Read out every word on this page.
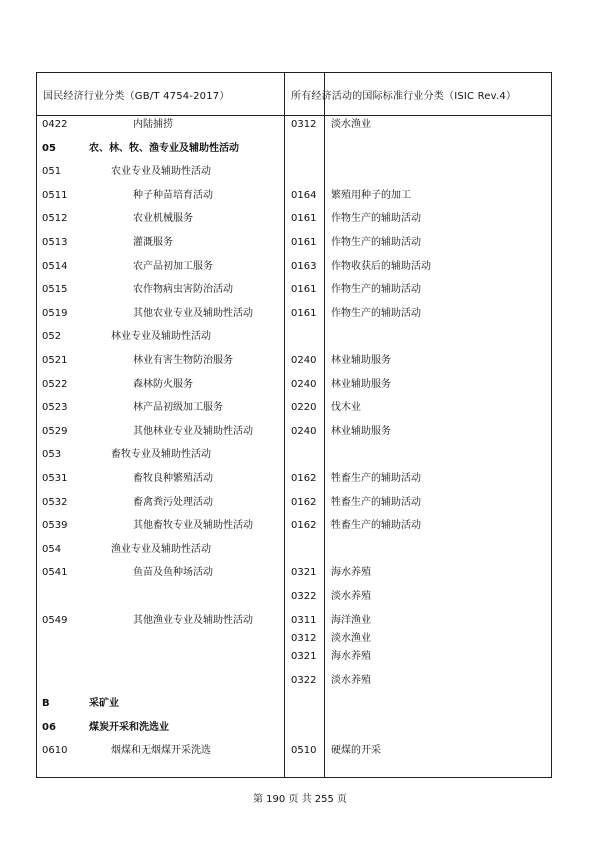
国民经济行业分类（GB/T 4754-2017）	所有经济活动的国际标准行业分类（ISIC Rev.4）
0422	内陆捕捞	0312 淡水渔业
05	农、林、牧、渔专业及辅助性活动
051	农业专业及辅助性活动
0511	种子种苗培育活动	0164 繁殖用种子的加工
0512	农业机械服务	0161 作物生产的辅助活动
0513	灌溉服务	0161 作物生产的辅助活动
0514	农产品初加工服务	0163 作物收获后的辅助活动
0515	农作物病虫害防治活动	0161 作物生产的辅助活动
0519	其他农业专业及辅助性活动	0161 作物生产的辅助活动
052	林业专业及辅助性活动
0521	林业有害生物防治服务	0240 林业辅助服务
0522	森林防火服务	0240 林业辅助服务
0523	林产品初级加工服务	0220 伐木业
0529	其他林业专业及辅助性活动	0240 林业辅助服务
053	畜牧专业及辅助性活动
0531	畜牧良种繁殖活动	0162 牲畜生产的辅助活动
0532	畜禽粪污处理活动	0162 牲畜生产的辅助活动
0539	其他畜牧专业及辅助性活动	0162 牲畜生产的辅助活动
054	渔业专业及辅助性活动
0541	鱼苗及鱼种场活动	0321 海水养殖
0322 淡水养殖
0549	其他渔业专业及辅助性活动	0311 海洋渔业
0312 淡水渔业
0321 海水养殖
0322 淡水养殖
B	采矿业
06	煤炭开采和洗选业
0610	烟煤和无烟煤开采洗选	0510 硬煤的开采
第 190 页 共 255 页
